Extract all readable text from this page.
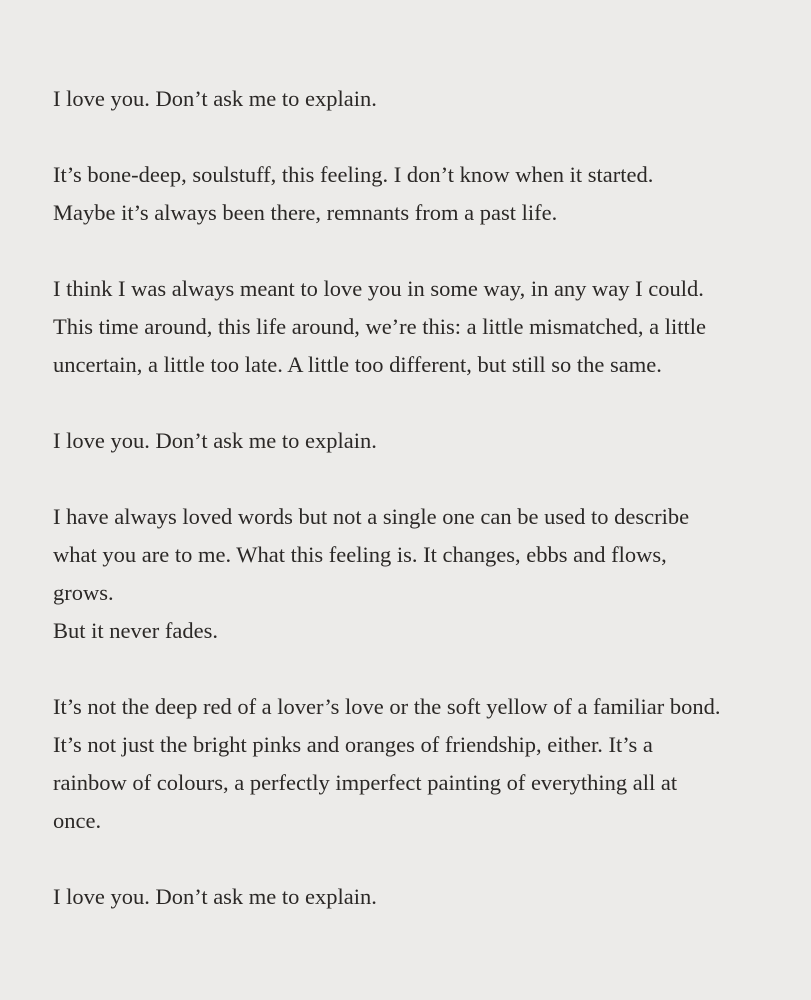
I love you. Don’t ask me to explain.

It’s bone-deep, soulstuff, this feeling. I don’t know when it started.
Maybe it’s always been there, remnants from a past life.

I think I was always meant to love you in some way, in any way I could.
This time around, this life around, we’re this: a little mismatched, a little
uncertain, a little too late. A little too different, but still so the same.

I love you. Don’t ask me to explain.

I have always loved words but not a single one can be used to describe
what you are to me. What this feeling is. It changes, ebbs and flows,
grows.
But it never fades.

It’s not the deep red of a lover’s love or the soft yellow of a familiar bond.
It’s not just the bright pinks and oranges of friendship, either. It’s a
rainbow of colours, a perfectly imperfect painting of everything all at
once.

I love you. Don’t ask me to explain.
